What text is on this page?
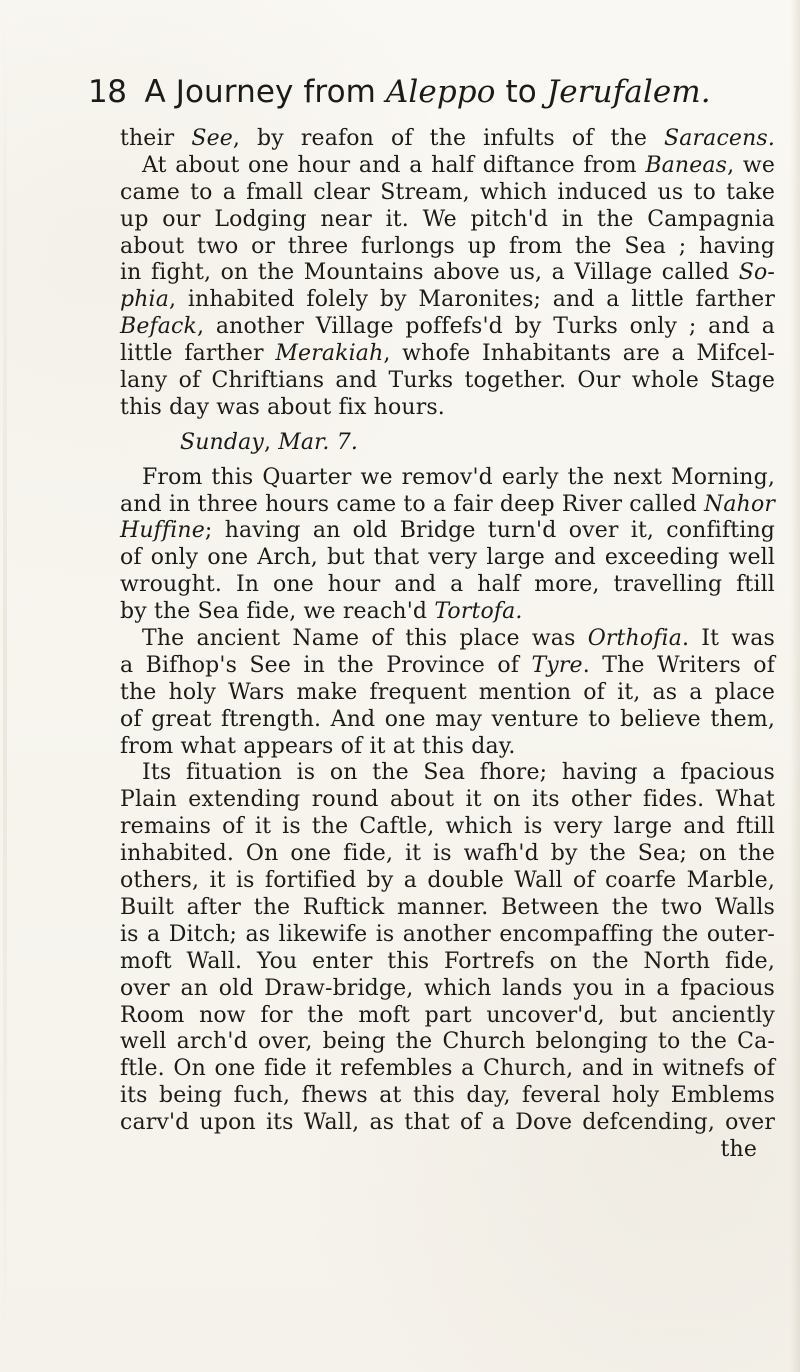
18 A Journey from Aleppo to Jerufalem.
their See, by reafon of the infults of the Saracens.
At about one hour and a half diftance from Baneas, we
came to a fmall clear Stream, which induced us to take
up our Lodging near it. We pitch'd in the Campagnia
about two or three furlongs up from the Sea ; having
in fight, on the Mountains above us, a Village called So-
phia, inhabited folely by Maronites; and a little farther
Befack, another Village poffefs'd by Turks only ; and a
little farther Merakiah, whofe Inhabitants are a Mifcel-
lany of Chriftians and Turks together. Our whole Stage
this day was about fix hours.
Sunday, Mar. 7.
From this Quarter we remov'd early the next Morning,
and in three hours came to a fair deep River called Nahor
Huffine; having an old Bridge turn'd over it, confifting
of only one Arch, but that very large and exceeding well
wrought. In one hour and a half more, travelling ftill
by the Sea fide, we reach'd Tortofa.
The ancient Name of this place was Orthofia. It was
a Bifhop's See in the Province of Tyre. The Writers of
the holy Wars make frequent mention of it, as a place
of great ftrength. And one may venture to believe them,
from what appears of it at this day.
Its fituation is on the Sea fhore; having a fpacious
Plain extending round about it on its other fides. What
remains of it is the Caftle, which is very large and ftill
inhabited. On one fide, it is wafh'd by the Sea; on the
others, it is fortified by a double Wall of coarfe Marble,
Built after the Ruftick manner. Between the two Walls
is a Ditch; as likewife is another encompaffing the outer-
moft Wall. You enter this Fortrefs on the North fide,
over an old Draw-bridge, which lands you in a fpacious
Room now for the moft part uncover'd, but anciently
well arch'd over, being the Church belonging to the Ca-
ftle. On one fide it refembles a Church, and in witnefs of
its being fuch, fhews at this day, feveral holy Emblems
carv'd upon its Wall, as that of a Dove defcending, over
the
